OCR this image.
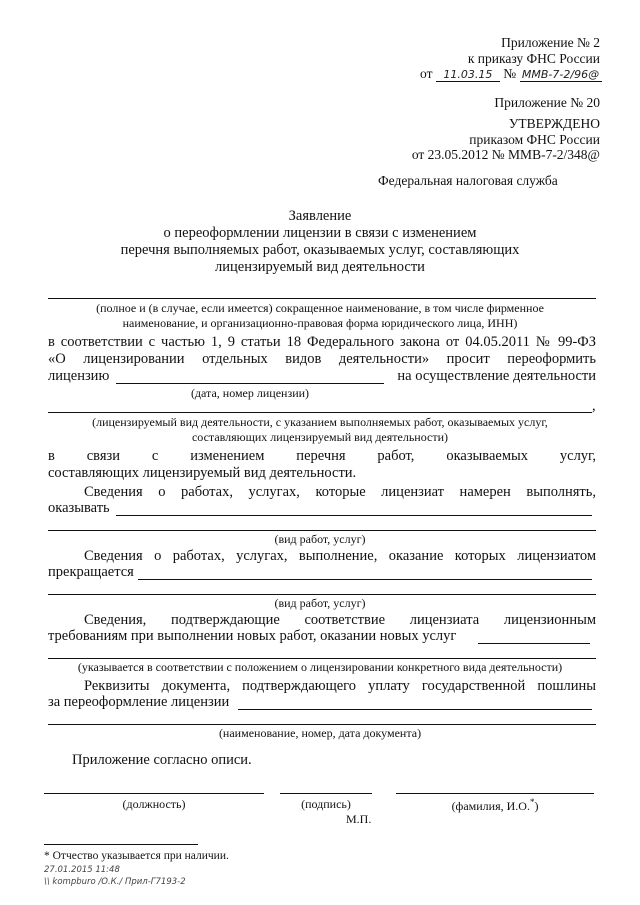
Приложение № 2
к приказу ФНС России
от 11.03.15 № ММВ-7-2/96@
Приложение № 20
УТВЕРЖДЕНО
приказом ФНС России
от 23.05.2012 № ММВ-7-2/348@
Федеральная налоговая служба
Заявление
о переоформлении лицензии в связи с изменением
перечня выполняемых работ, оказываемых услуг, составляющих
лицензируемый вид деятельности
(полное и (в случае, если имеется) сокращенное наименование, в том числе фирменное
наименование, и организационно-правовая форма юридического лица, ИНН)
в соответствии с частью 1, 9 статьи 18 Федерального закона от 04.05.2011 № 99-ФЗ
«О лицензировании отдельных видов деятельности» просит переоформить
лицензию	на осуществление деятельности
(дата, номер лицензии)
,
(лицензируемый вид деятельности, с указанием выполняемых работ, оказываемых услуг,
составляющих лицензируемый вид деятельности)
в связи с изменением перечня работ, оказываемых услуг,
составляющих лицензируемый вид деятельности.
Сведения о работах, услугах, которые лицензиат намерен выполнять,
оказывать
(вид работ, услуг)
Сведения о работах, услугах, выполнение, оказание которых лицензиатом
прекращается
(вид работ, услуг)
Сведения, подтверждающие соответствие лицензиата лицензионным
требованиям при выполнении новых работ, оказании новых услуг
(указывается в соответствии с положением о лицензировании конкретного вида деятельности)
Реквизиты документа, подтверждающего уплату государственной пошлины
за переоформление лицензии
(наименование, номер, дата документа)
Приложение согласно описи.
(должность)	(подпись)	(фамилия, И.О.*)
М.П.
* Отчество указывается при наличии.
27.01.2015 11:48
\\ kompburo /О.К./ Прил-Г7193-2
